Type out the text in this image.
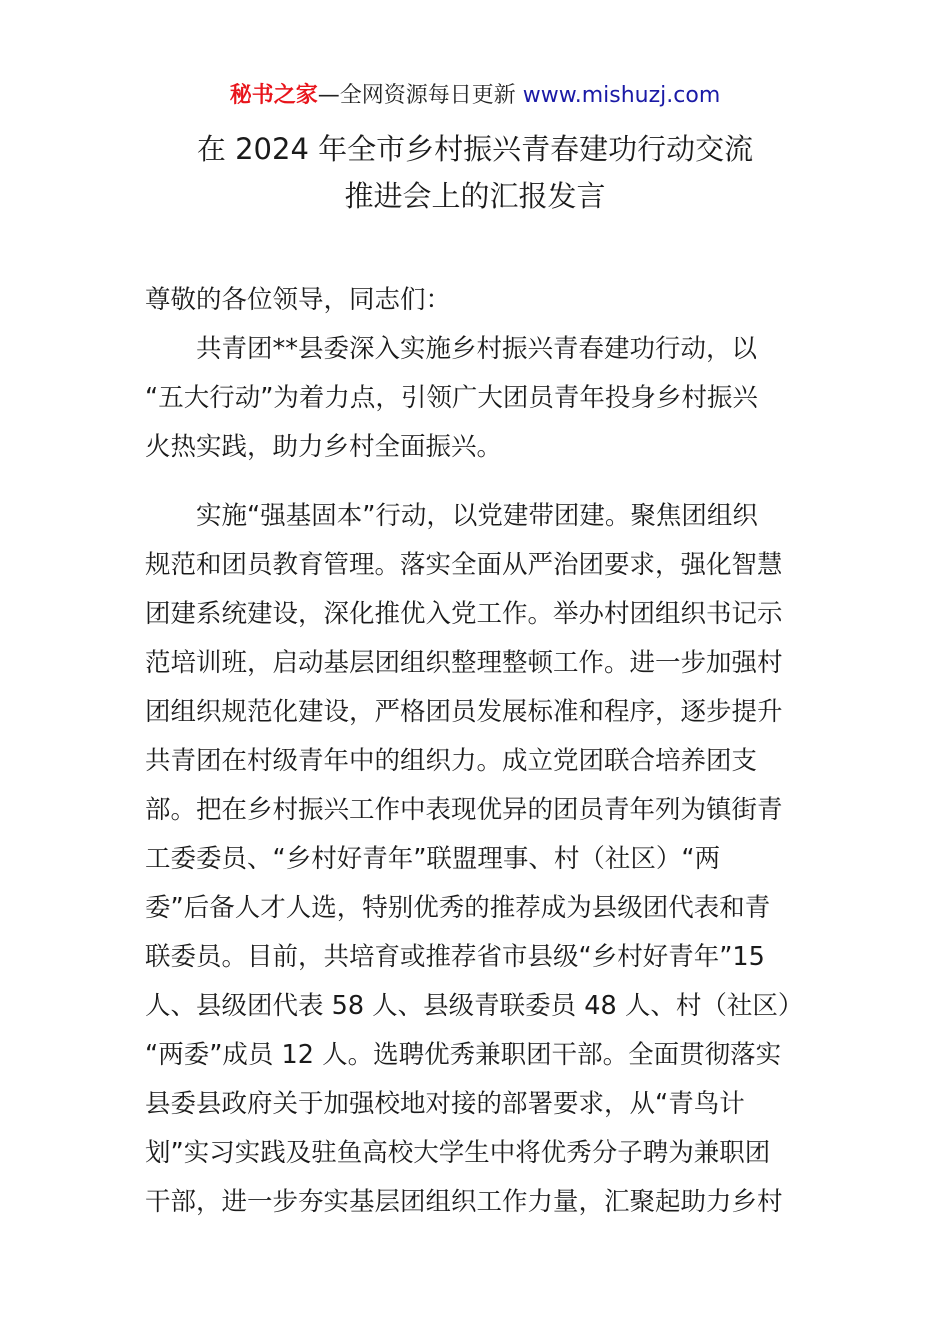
秘书之家—全网资源每日更新 www.mishuzj.com
在 2024 年全市乡村振兴青春建功行动交流
推进会上的汇报发言
尊敬的各位领导，同志们：
共青团**县委深入实施乡村振兴青春建功行动，以
“五大行动”为着力点，引领广大团员青年投身乡村振兴
火热实践，助力乡村全面振兴。
实施“强基固本”行动，以党建带团建。聚焦团组织
规范和团员教育管理。落实全面从严治团要求，强化智慧
团建系统建设，深化推优入党工作。举办村团组织书记示
范培训班，启动基层团组织整理整顿工作。进一步加强村
团组织规范化建设，严格团员发展标准和程序，逐步提升
共青团在村级青年中的组织力。成立党团联合培养团支
部。把在乡村振兴工作中表现优异的团员青年列为镇街青
工委委员、“乡村好青年”联盟理事、村（社区）“两
委”后备人才人选，特别优秀的推荐成为县级团代表和青
联委员。目前，共培育或推荐省市县级“乡村好青年”15
人、县级团代表 58 人、县级青联委员 48 人、村（社区）
“两委”成员 12 人。选聘优秀兼职团干部。全面贯彻落实
县委县政府关于加强校地对接的部署要求，从“青鸟计
划”实习实践及驻鱼高校大学生中将优秀分子聘为兼职团
干部，进一步夯实基层团组织工作力量，汇聚起助力乡村
